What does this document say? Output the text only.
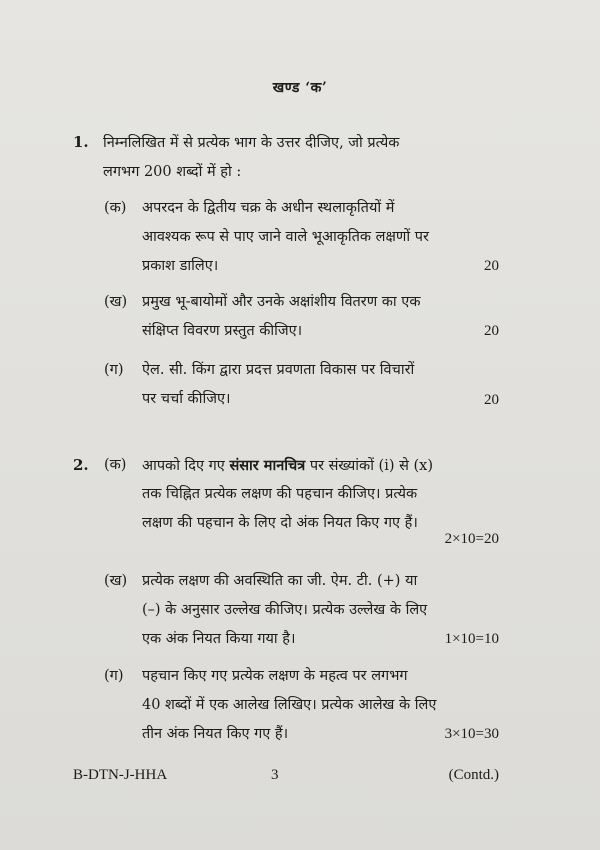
खण्ड ‘क’
1. निम्नलिखित में से प्रत्येक भाग के उत्तर दीजिए, जो प्रत्येक
लगभग 200 शब्दों में हो :
(क) अपरदन के द्वितीय चक्र के अधीन स्थलाकृतियों में
आवश्यक रूप से पाए जाने वाले भूआकृतिक लक्षणों पर
प्रकाश डालिए।	20
(ख) प्रमुख भू-बायोमों और उनके अक्षांशीय वितरण का एक
संक्षिप्त विवरण प्रस्तुत कीजिए।	20
(ग) ऐल. सी. किंग द्वारा प्रदत्त प्रवणता विकास पर विचारों
पर चर्चा कीजिए।	20
2. (क) आपको दिए गए संसार मानचित्र पर संख्यांकों (i) से (x)
तक चिह्नित प्रत्येक लक्षण की पहचान कीजिए। प्रत्येक
लक्षण की पहचान के लिए दो अंक नियत किए गए हैं।
2×10=20
(ख) प्रत्येक लक्षण की अवस्थिति का जी. ऐम. टी. (+) या
(–) के अनुसार उल्लेख कीजिए। प्रत्येक उल्लेख के लिए
एक अंक नियत किया गया है।	1×10=10
(ग) पहचान किए गए प्रत्येक लक्षण के महत्व पर लगभग
40 शब्दों में एक आलेख लिखिए। प्रत्येक आलेख के लिए
तीन अंक नियत किए गए हैं।	3×10=30
B-DTN-J-HHA	3	(Contd.)
